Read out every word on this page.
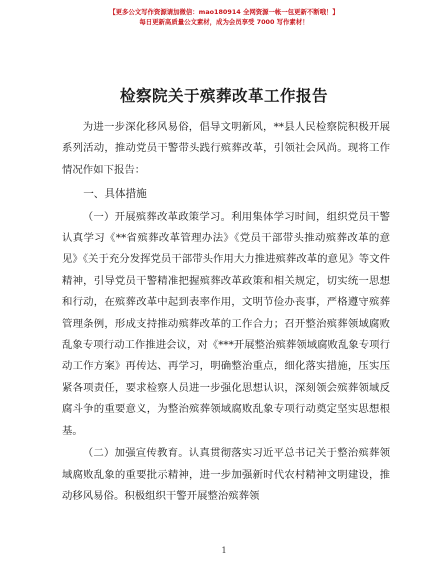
【更多公文写作资源请加微信：mao180914 全网资源一帐一包更新不断哦！】
每日更新高质量公文素材，成为会员享受 7000 写作素材！
检察院关于殡葬改革工作报告

为进一步深化移风易俗，倡导文明新风，**县人民检察院积极开展系列活动，推动党员干警带头践行殡葬改革，引领社会风尚。现将工作情况作如下报告：

一、具体措施

（一）开展殡葬改革政策学习。利用集体学习时间，组织党员干警认真学习《**省殡葬改革管理办法》《党员干部带头推动殡葬改革的意见》《关于充分发挥党员干部带头作用大力推进殡葬改革的意见》等文件精神，引导党员干警精准把握殡葬改革政策和相关规定，切实统一思想和行动，在殡葬改革中起到表率作用，文明节俭办丧事，严格遵守殡葬管理条例，形成支持推动殡葬改革的工作合力；召开整治殡葬领域腐败乱象专项行动工作推进会议，对《***开展整治殡葬领域腐败乱象专项行动工作方案》再传达、再学习，明确整治重点，细化落实措施，压实压紧各项责任，要求检察人员进一步强化思想认识，深刻领会殡葬领域反腐斗争的重要意义，为整治殡葬领域腐败乱象专项行动奠定坚实思想根基。

（二）加强宣传教育。认真贯彻落实习近平总书记关于整治殡葬领域腐败乱象的重要批示精神，进一步加强新时代农村精神文明建设，推动移风易俗。积极组织干警开展整治殡葬领

1
